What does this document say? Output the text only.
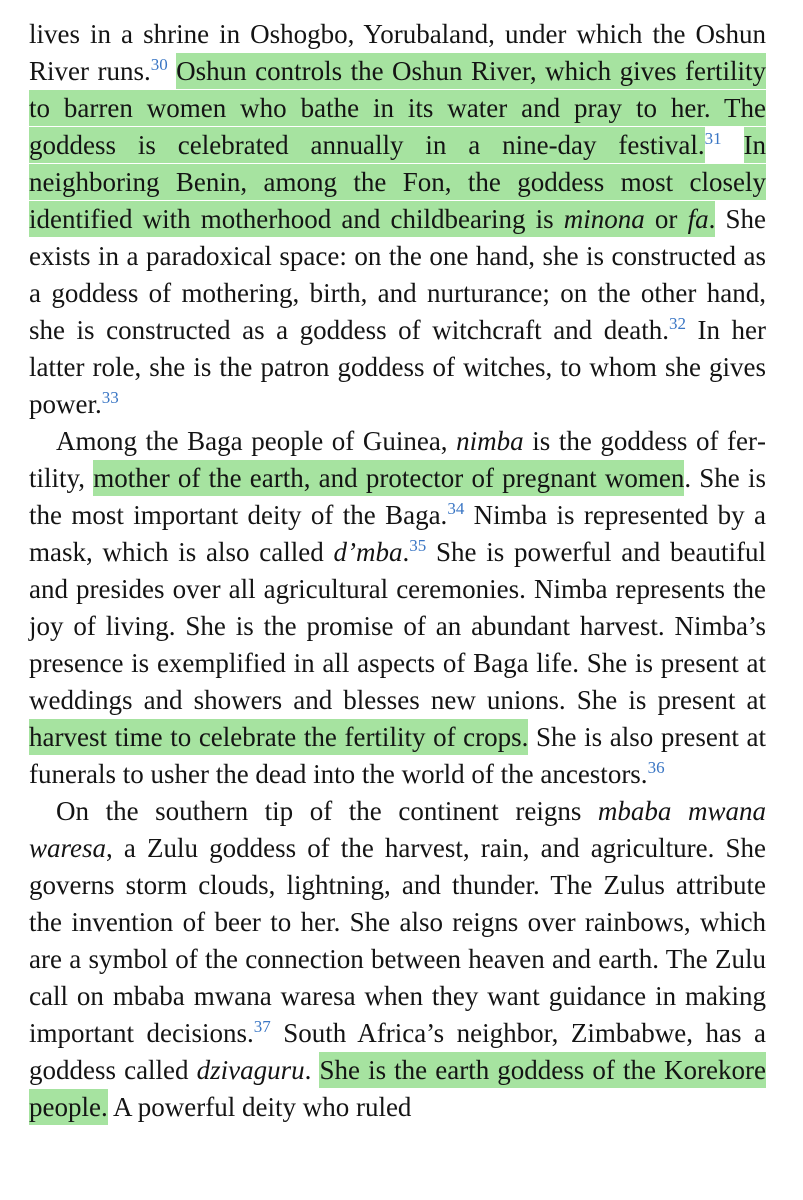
lives in a shrine in Oshogbo, Yorubaland, under which the Oshun River runs.$^{30}$ Oshun controls the Oshun River, which gives fertility to barren women who bathe in its water and pray to her. The goddess is celebrated annually in a nine-day festival.$^{31}$ In neighboring Benin, among the Fon, the goddess most closely identified with motherhood and childbearing is minona or fa. She exists in a paradoxical space: on the one hand, she is constructed as a goddess of mothering, birth, and nurturance; on the other hand, she is constructed as a goddess of witchcraft and death.$^{32}$ In her latter role, she is the patron goddess of witches, to whom she gives power.$^{33}$

Among the Baga people of Guinea, nimba is the goddess of fertility, mother of the earth, and protector of pregnant women. She is the most important deity of the Baga.$^{34}$ Nimba is represented by a mask, which is also called d’mba.$^{35}$ She is powerful and beautiful and presides over all agricultural ceremonies. Nimba represents the joy of living. She is the promise of an abundant harvest. Nimba’s presence is exemplified in all aspects of Baga life. She is present at weddings and showers and blesses new unions. She is present at harvest time to celebrate the fertility of crops. She is also present at funerals to usher the dead into the world of the ancestors.$^{36}$

On the southern tip of the continent reigns mbaba mwana waresa, a Zulu goddess of the harvest, rain, and agriculture. She governs storm clouds, lightning, and thunder. The Zulus attribute the invention of beer to her. She also reigns over rainbows, which are a symbol of the connection between heaven and earth. The Zulu call on mbaba mwana waresa when they want guidance in making important decisions.$^{37}$ South Africa’s neighbor, Zimbabwe, has a goddess called dzivaguru. She is the earth goddess of the Korekore people. A powerful deity who ruled
